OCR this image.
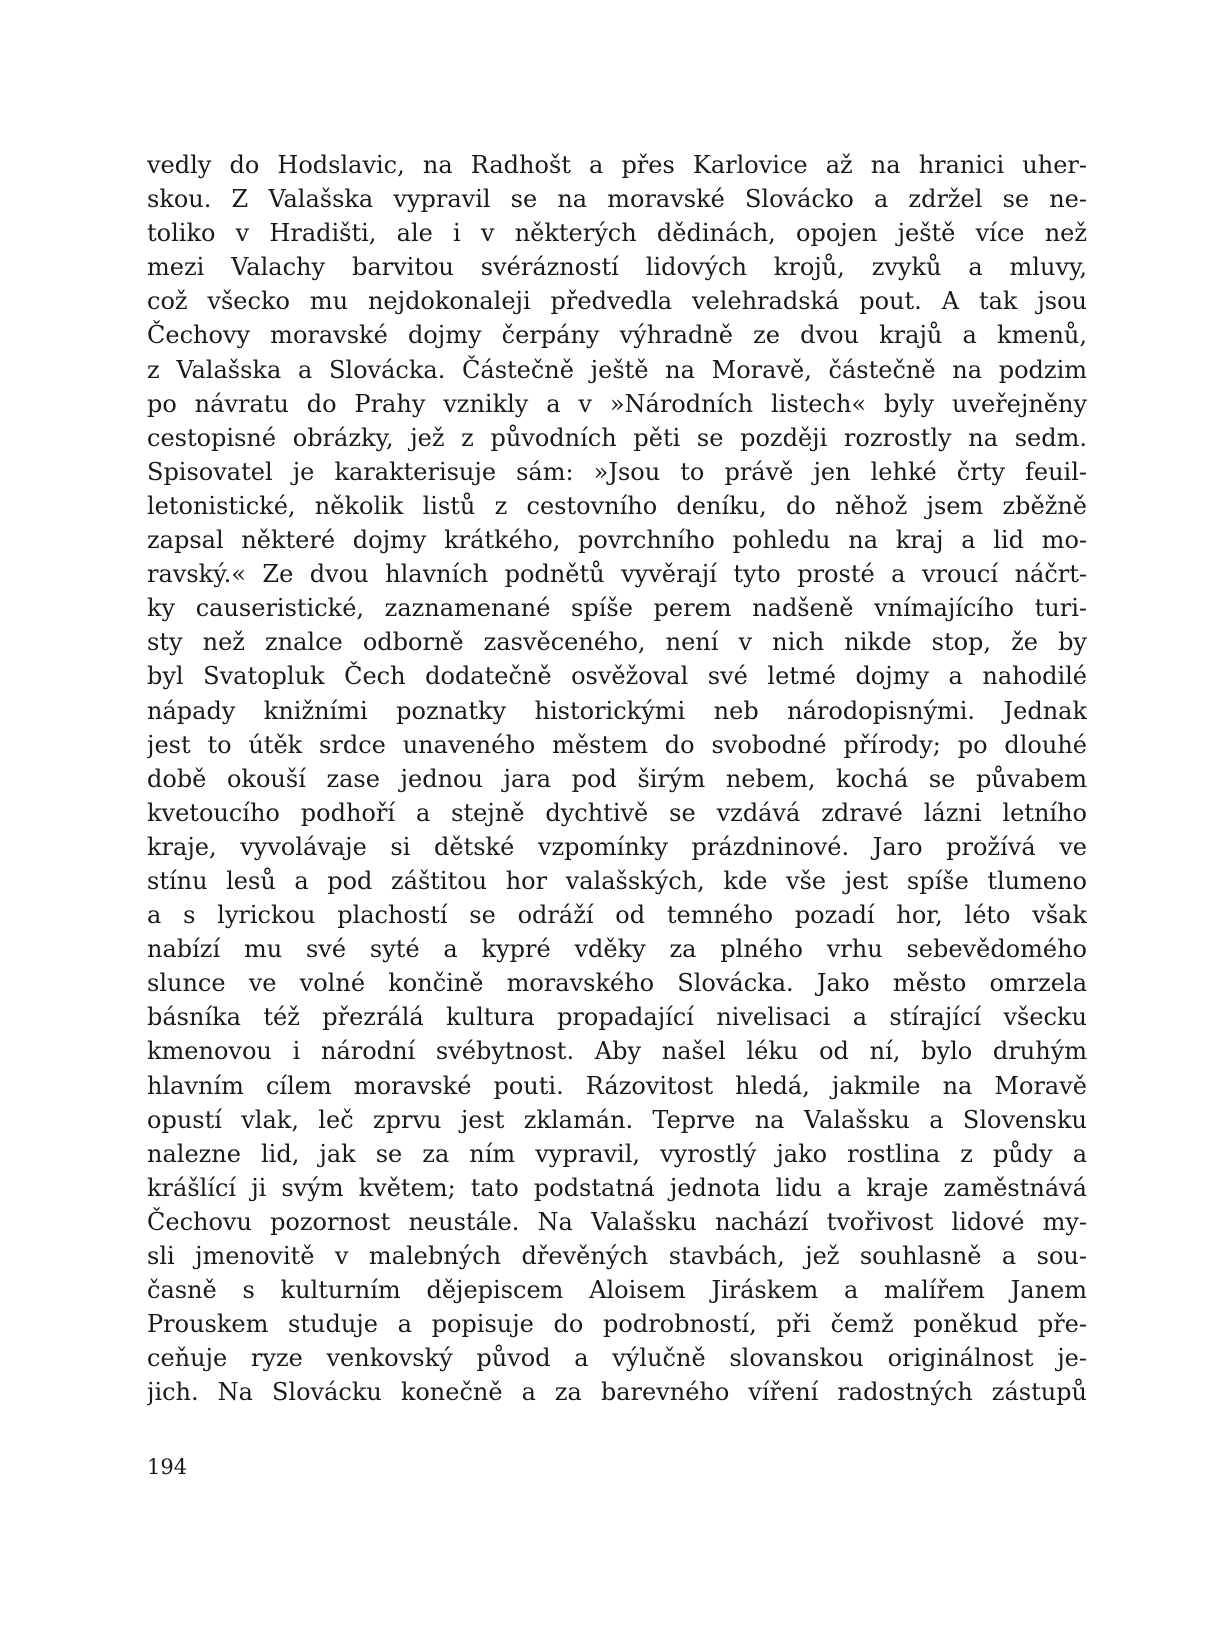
vedly do Hodslavic, na Radhošt a přes Karlovice až na hranici uher-
skou. Z Valašska vypravil se na moravské Slovácko a zdržel se ne-
toliko v Hradišti, ale i v některých dědinách, opojen ještě více než
mezi Valachy barvitou svérázností lidových krojů, zvyků a mluvy,
což všecko mu nejdokonaleji předvedla velehradská pout. A tak jsou
Čechovy moravské dojmy čerpány výhradně ze dvou krajů a kmenů,
z Valašska a Slovácka. Částečně ještě na Moravě, částečně na podzim
po návratu do Prahy vznikly a v »Národních listech« byly uveřejněny
cestopisné obrázky, jež z původních pěti se později rozrostly na sedm.
Spisovatel je karakterisuje sám: »Jsou to právě jen lehké črty feuil-
letonistické, několik listů z cestovního deníku, do něhož jsem zběžně
zapsal některé dojmy krátkého, povrchního pohledu na kraj a lid mo-
ravský.« Ze dvou hlavních podnětů vyvěrají tyto prosté a vroucí náčrt-
ky causeristické, zaznamenané spíše perem nadšeně vnímajícího turi-
sty než znalce odborně zasvěceného, není v nich nikde stop, že by
byl Svatopluk Čech dodatečně osvěžoval své letmé dojmy a nahodilé
nápady knižními poznatky historickými neb národopisnými. Jednak
jest to útěk srdce unaveného městem do svobodné přírody; po dlouhé
době okouší zase jednou jara pod širým nebem, kochá se půvabem
kvetoucího podhoří a stejně dychtivě se vzdává zdravé lázni letního
kraje, vyvolávaje si dětské vzpomínky prázdninové. Jaro prožívá ve
stínu lesů a pod záštitou hor valašských, kde vše jest spíše tlumeno
a s lyrickou plachostí se odráží od temného pozadí hor, léto však
nabízí mu své syté a kypré vděky za plného vrhu sebevědomého
slunce ve volné končině moravského Slovácka. Jako město omrzela
básníka též přezrálá kultura propadající nivelisaci a stírající všecku
kmenovou i národní svébytnost. Aby našel léku od ní, bylo druhým
hlavním cílem moravské pouti. Rázovitost hledá, jakmile na Moravě
opustí vlak, leč zprvu jest zklamán. Teprve na Valašsku a Slovensku
nalezne lid, jak se za ním vypravil, vyrostlý jako rostlina z půdy a
krášlící ji svým květem; tato podstatná jednota lidu a kraje zaměstnává
Čechovu pozornost neustále. Na Valašsku nachází tvořivost lidové my-
sli jmenovitě v malebných dřevěných stavbách, jež souhlasně a sou-
časně s kulturním dějepiscem Aloisem Jiráskem a malířem Janem
Prouskem studuje a popisuje do podrobností, při čemž poněkud pře-
ceňuje ryze venkovský původ a výlučně slovanskou originálnost je-
jich. Na Slovácku konečně a za barevného víření radostných zástupů
194
